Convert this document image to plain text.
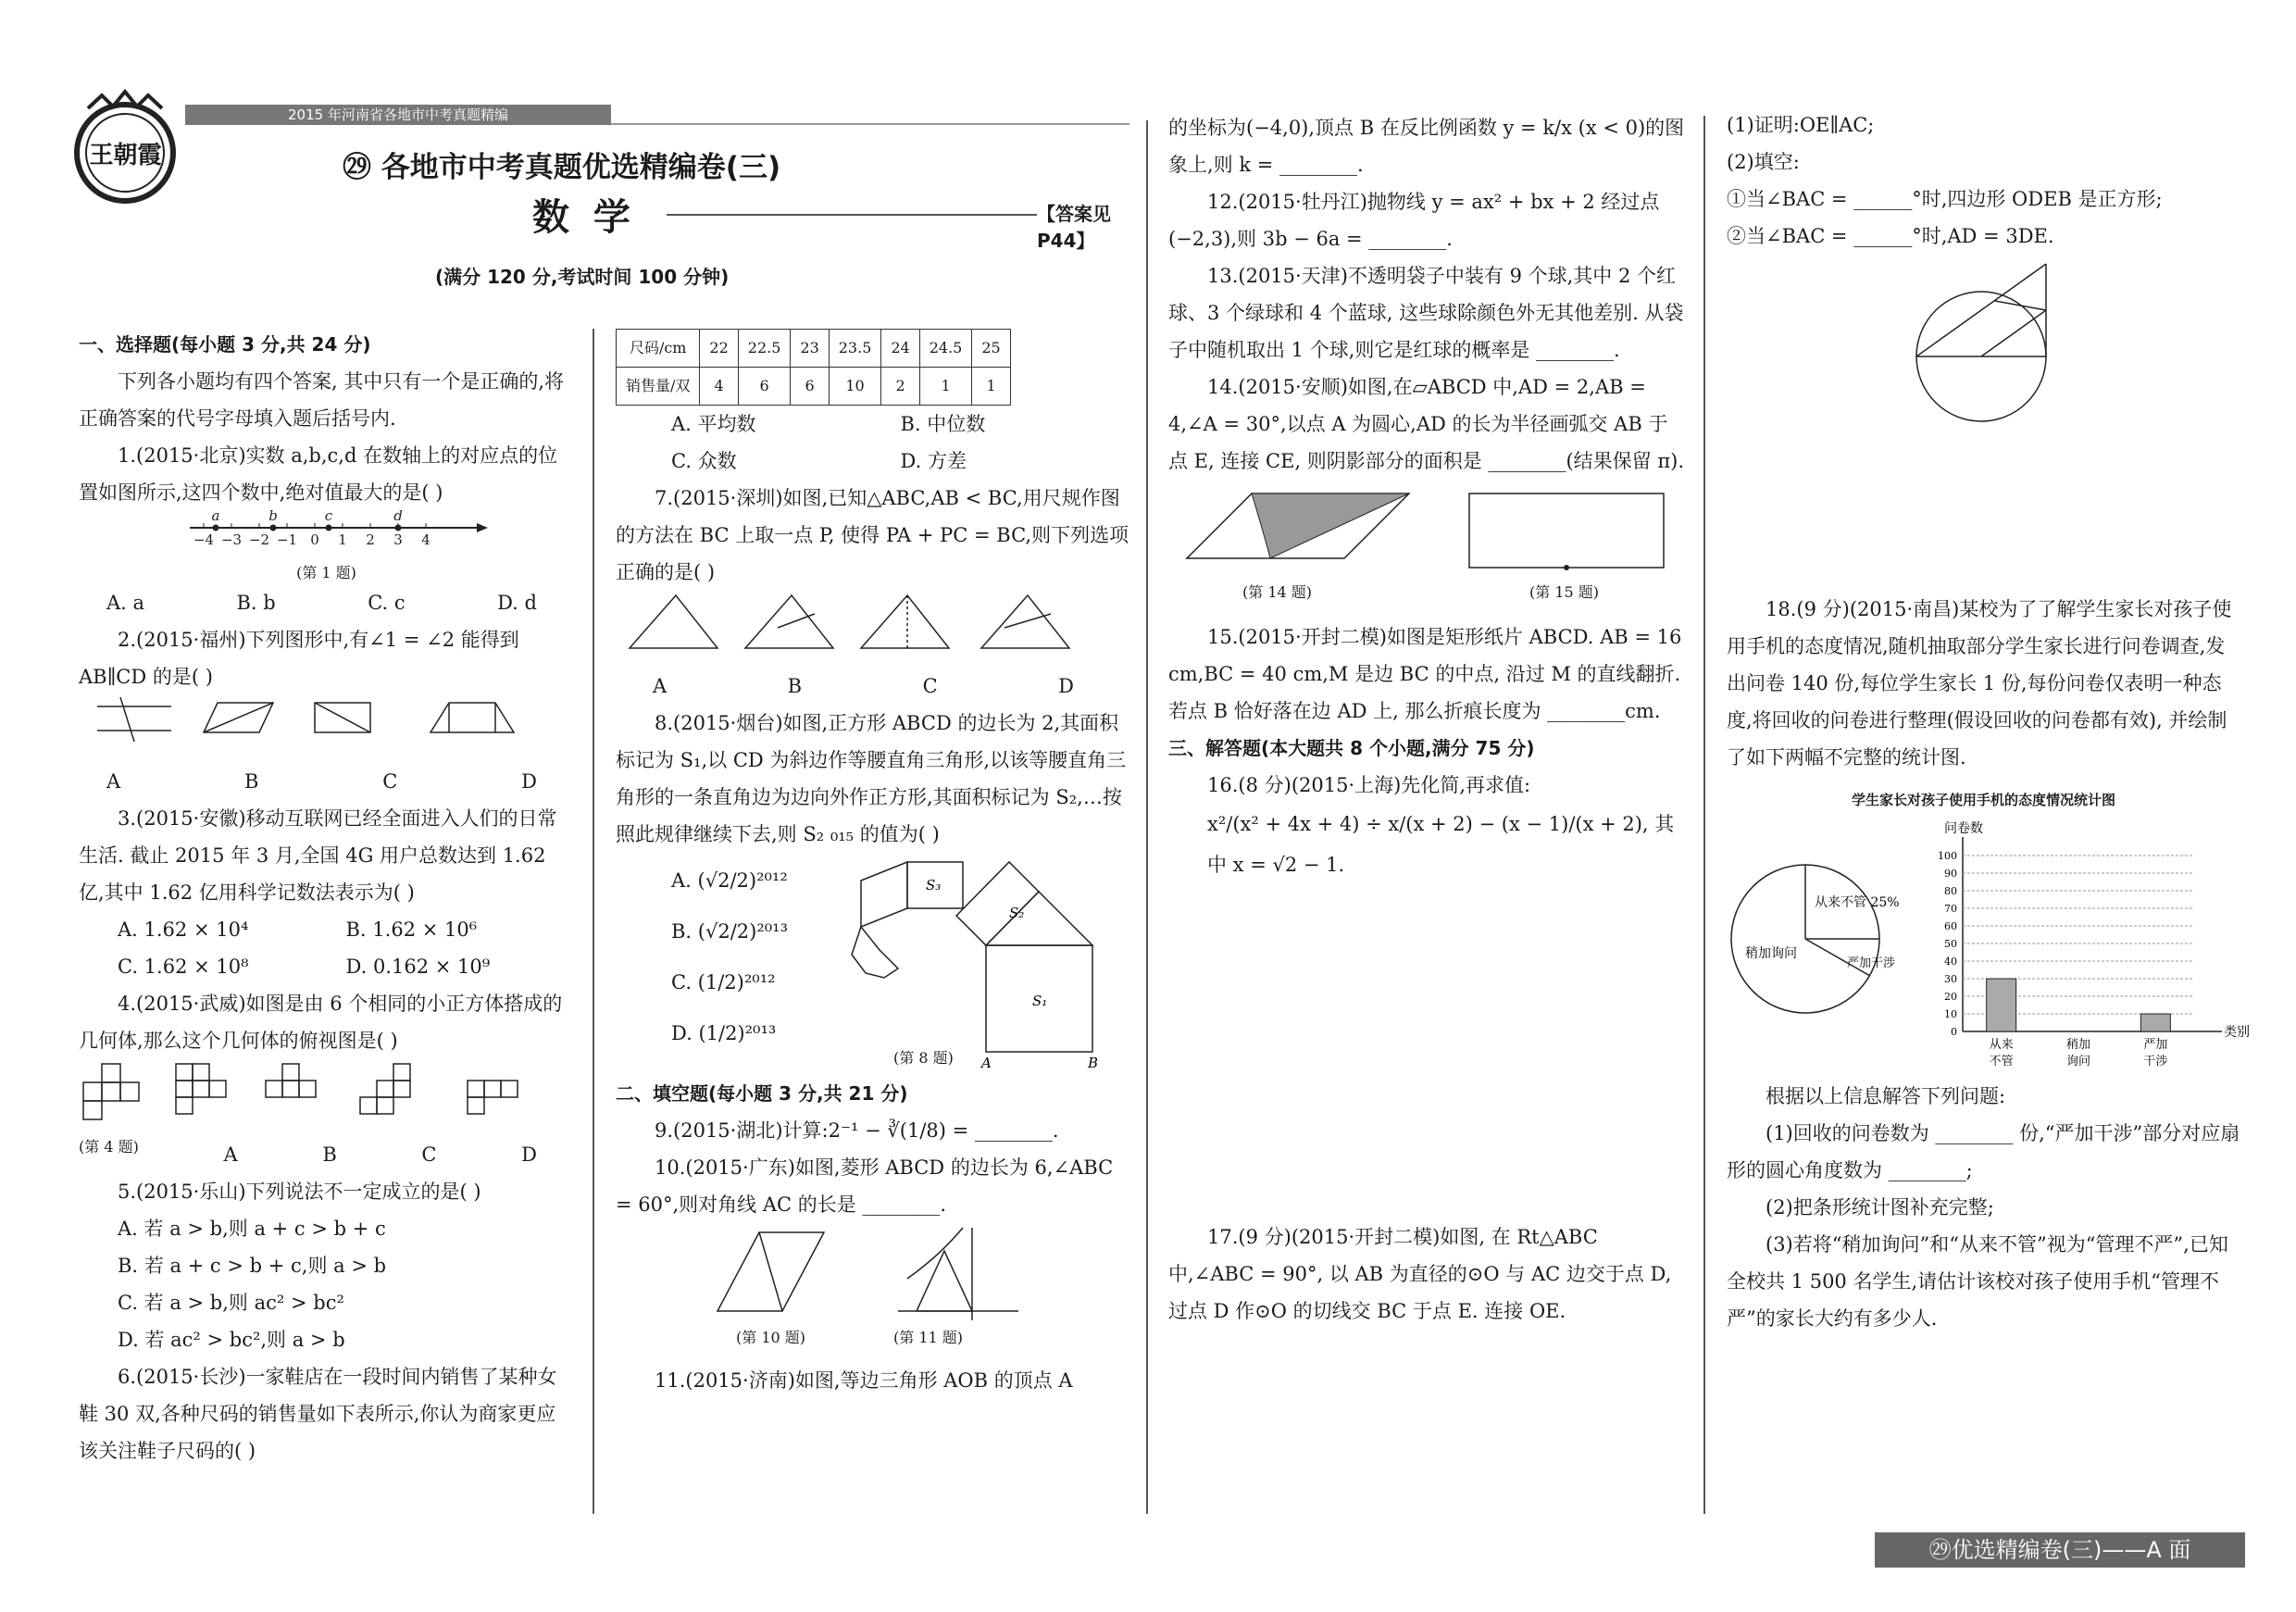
2015 年河南省各地市中考真题精编
王朝霞	㉙ 各地市中考真题优选精编卷(三)
数 学	【答案见 P44】
(满分 120 分,考试时间 100 分钟)

一、选择题(每小题 3 分,共 24 分)

下列各小题均有四个答案, 其中只有一个是正确的,将正确答案的代号字母填入题后括号内.

1.(2015·北京)实数 a,b,c,d 在数轴上的对应点的位置如图所示,这四个数中,绝对值最大的是( )

−4 −3 −2 −1 0 1 2 3 4
a	b	c	d

(第 1 题)

A. a	B. b	C. c	D. d

2.(2015·福州)下列图形中,有∠1 = ∠2 能得到 AB∥CD 的是( )

A	B	C	D

3.(2015·安徽)移动互联网已经全面进入人们的日常生活. 截止 2015 年 3 月,全国 4G 用户总数达到 1.62 亿,其中 1.62 亿用科学记数法表示为( )

A. 1.62 × 10⁴	B. 1.62 × 10⁶
C. 1.62 × 10⁸	D. 0.162 × 10⁹

4.(2015·武威)如图是由 6 个相同的小正方体搭成的几何体,那么这个几何体的俯视图是( )

(第 4 题)	A	B	C	D

5.(2015·乐山)下列说法不一定成立的是( )

A. 若 a > b,则 a + c > b + c

B. 若 a + c > b + c,则 a > b

C. 若 a > b,则 ac² > bc²

D. 若 ac² > bc²,则 a > b

6.(2015·长沙)一家鞋店在一段时间内销售了某种女鞋 30 双,各种尺码的销售量如下表所示,你认为商家更应该关注鞋子尺码的( )

尺码/cm	22	22.5	23	23.5	24	24.5	25
销售量/双	4	6	6	10	2	1	1
A. 平均数	B. 中位数
C. 众数	D. 方差

7.(2015·深圳)如图,已知△ABC,AB < BC,用尺规作图的方法在 BC 上取一点 P, 使得 PA + PC = BC,则下列选项正确的是( )

A	B	C	D

8.(2015·烟台)如图,正方形 ABCD 的边长为 2,其面积标记为 S₁,以 CD 为斜边作等腰直角三角形,以该等腰直角三角形的一条直角边为边向外作正方形,其面积标记为 S₂,…按照此规律继续下去,则 S₂ ₀₁₅ 的值为( )

A. (√2/2)²⁰¹²

B. (√2/2)²⁰¹³

C. (1/2)²⁰¹²

D. (1/2)²⁰¹³

S₁
S₂
S₃
A	B

(第 8 题)

二、填空题(每小题 3 分,共 21 分)

9.(2015·湖北)计算:2⁻¹ − ∛(1/8) = ________.

10.(2015·广东)如图,菱形 ABCD 的边长为 6,∠ABC = 60°,则对角线 AC 的长是 ________.

(第 10 题)	(第 11 题)

11.(2015·济南)如图,等边三角形 AOB 的顶点 A

的坐标为(−4,0),顶点 B 在反比例函数 y = k/x (x < 0)的图象上,则 k = ________.

12.(2015·牡丹江)抛物线 y = ax² + bx + 2 经过点(−2,3),则 3b − 6a = ________.

13.(2015·天津)不透明袋子中装有 9 个球,其中 2 个红球、3 个绿球和 4 个蓝球, 这些球除颜色外无其他差别. 从袋子中随机取出 1 个球,则它是红球的概率是 ________.

14.(2015·安顺)如图,在▱ABCD 中,AD = 2,AB = 4,∠A = 30°,以点 A 为圆心,AD 的长为半径画弧交 AB 于点 E, 连接 CE, 则阴影部分的面积是 ________(结果保留 π).

(第 14 题)	(第 15 题)

15.(2015·开封二模)如图是矩形纸片 ABCD. AB = 16 cm,BC = 40 cm,M 是边 BC 的中点, 沿过 M 的直线翻折. 若点 B 恰好落在边 AD 上, 那么折痕长度为 ________cm.

三、解答题(本大题共 8 个小题,满分 75 分)

16.(8 分)(2015·上海)先化简,再求值:

x²/(x² + 4x + 4) ÷ x/(x + 2) − (x − 1)/(x + 2), 其中 x = √2 − 1.

17.(9 分)(2015·开封二模)如图, 在 Rt△ABC 中,∠ABC = 90°, 以 AB 为直径的⊙O 与 AC 边交于点 D,过点 D 作⊙O 的切线交 BC 于点 E. 连接 OE.

(1)证明:OE∥AC;

(2)填空:

①当∠BAC = ______°时,四边形 ODEB 是正方形;

②当∠BAC = ______°时,AD = 3DE.

18.(9 分)(2015·南昌)某校为了了解学生家长对孩子使用手机的态度情况,随机抽取部分学生家长进行问卷调查,发出问卷 140 份,每位学生家长 1 份,每份问卷仅表明一种态度,将回收的问卷进行整理(假设回收的问卷都有效), 并绘制了如下两幅不完整的统计图.

学生家长对孩子使用手机的态度情况统计图

从来不管 25%
稍加询问
严加干涉
问卷数
类别
0
10
20
30
40
50
60
70
80
90
100
从来
不管
稍加
询问
严加
干涉

根据以上信息解答下列问题:

(1)回收的问卷数为 ________ 份,“严加干涉”部分对应扇形的圆心角度数为 ________;

(2)把条形统计图补充完整;

(3)若将“稍加询问”和“从来不管”视为“管理不严”,已知全校共 1 500 名学生,请估计该校对孩子使用手机“管理不严”的家长大约有多少人.

㉙优选精编卷(三)——A 面
